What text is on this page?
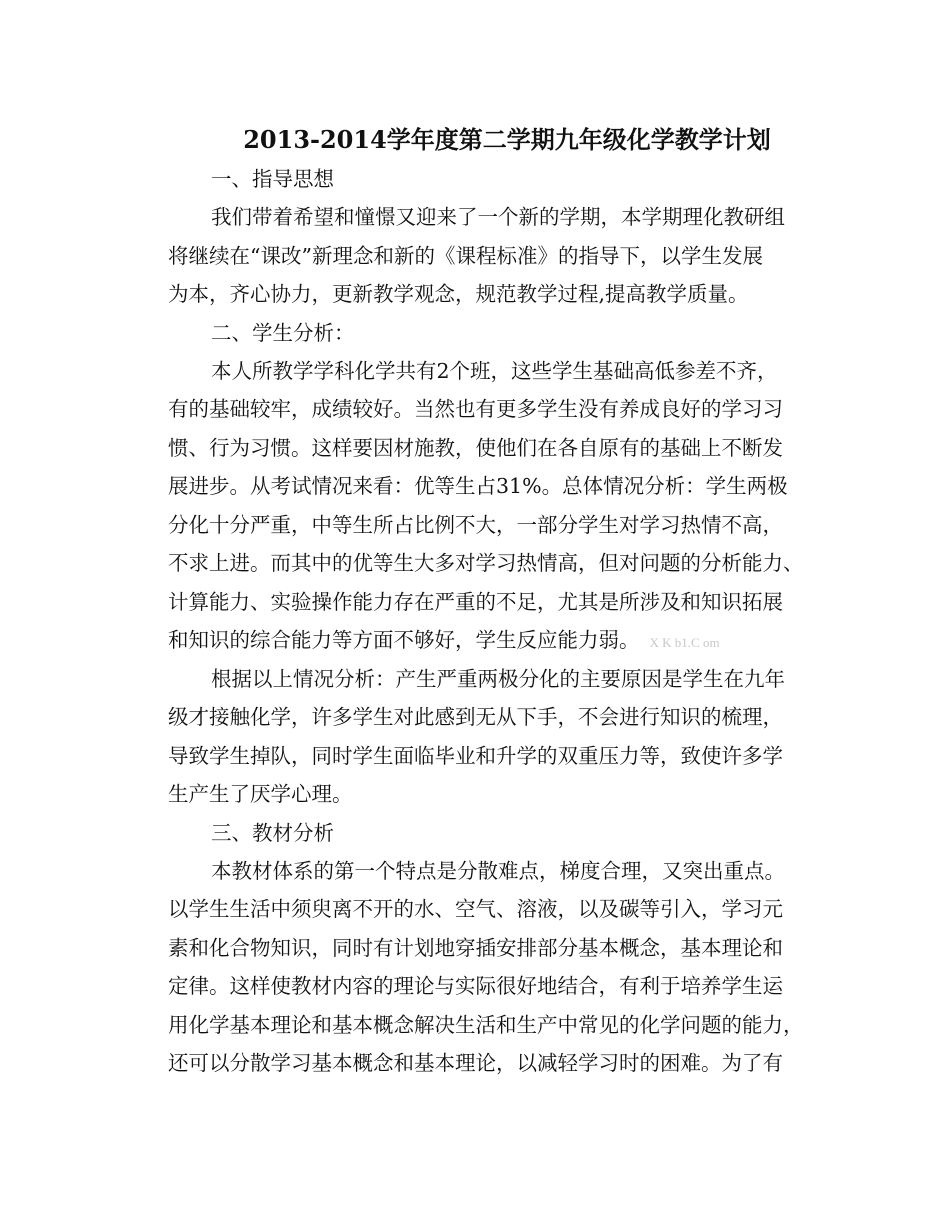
2013-2014学年度第二学期九年级化学教学计划

一、指导思想

我们带着希望和憧憬又迎来了一个新的学期，本学期理化教研组
将继续在“课改”新理念和新的《课程标准》的指导下，以学生发展
为本，齐心协力，更新教学观念，规范教学过程,提高教学质量。

二、学生分析：

本人所教学学科化学共有2个班，这些学生基础高低参差不齐，
有的基础较牢，成绩较好。当然也有更多学生没有养成良好的学习习
惯、行为习惯。这样要因材施教，使他们在各自原有的基础上不断发
展进步。从考试情况来看：优等生占31%。总体情况分析：学生两极
分化十分严重，中等生所占比例不大，一部分学生对学习热情不高，
不求上进。而其中的优等生大多对学习热情高，但对问题的分析能力、
计算能力、实验操作能力存在严重的不足，尤其是所涉及和知识拓展
和知识的综合能力等方面不够好，学生反应能力弱。 X K b1.C om
根据以上情况分析：产生严重两极分化的主要原因是学生在九年
级才接触化学，许多学生对此感到无从下手，不会进行知识的梳理，
导致学生掉队，同时学生面临毕业和升学的双重压力等，致使许多学
生产生了厌学心理。

三、教材分析

本教材体系的第一个特点是分散难点，梯度合理，又突出重点。
以学生生活中须臾离不开的水、空气、溶液，以及碳等引入，学习元
素和化合物知识，同时有计划地穿插安排部分基本概念，基本理论和
定律。这样使教材内容的理论与实际很好地结合，有利于培养学生运
用化学基本理论和基本概念解决生活和生产中常见的化学问题的能力，
还可以分散学习基本概念和基本理论，以减轻学习时的困难。为了有
